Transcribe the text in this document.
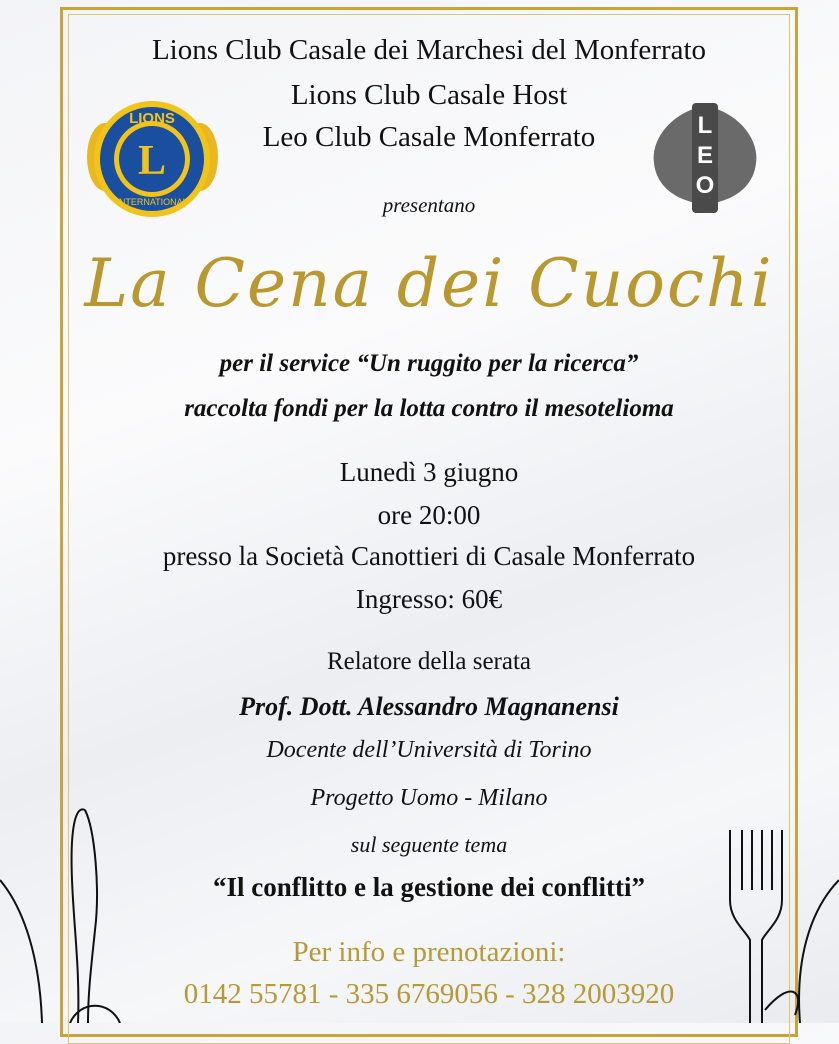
Lions Club Casale dei Marchesi del Monferrato
Lions Club Casale Host
Leo Club Casale Monferrato
LIONS
L
INTERNATIONAL
L
E
O
presentano
La Cena dei Cuochi
per il service “Un ruggito per la ricerca”
raccolta fondi per la lotta contro il mesotelioma
Lunedì 3 giugno
ore 20:00
presso la Società Canottieri di Casale Monferrato
Ingresso: 60€
Relatore della serata
Prof. Dott. Alessandro Magnanensi
Docente dell’Università di Torino
Progetto Uomo - Milano
sul seguente tema
“Il conflitto e la gestione dei conflitti”
Per info e prenotazioni:
0142 55781 - 335 6769056 - 328 2003920
